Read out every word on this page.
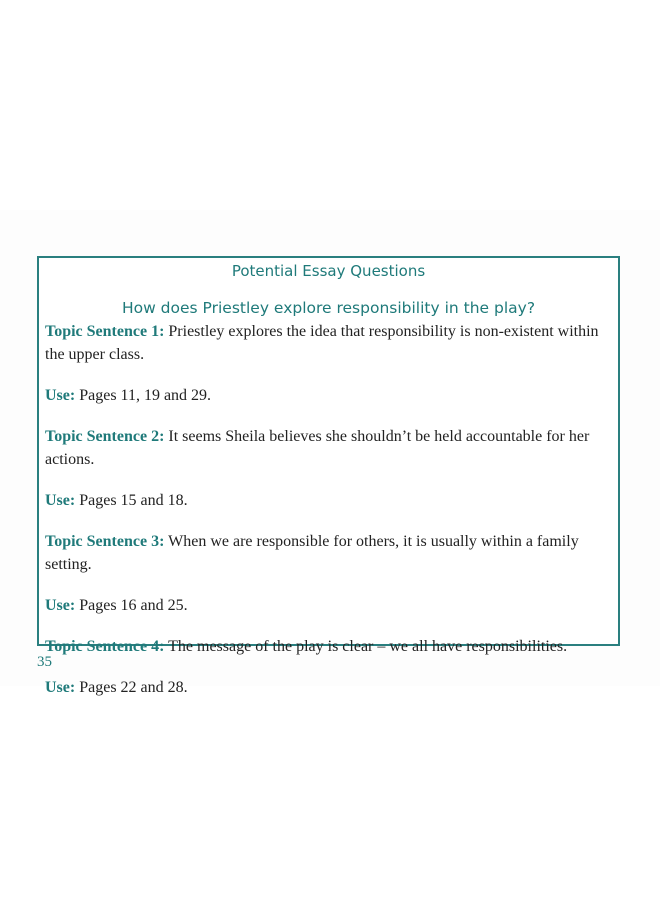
Potential Essay Questions
How does Priestley explore responsibility in the play?

Topic Sentence 1: Priestley explores the idea that responsibility is non-existent within the upper class.

Use: Pages 11, 19 and 29.

Topic Sentence 2: It seems Sheila believes she shouldn’t be held accountable for her actions.

Use: Pages 15 and 18.

Topic Sentence 3: When we are responsible for others, it is usually within a family setting.

Use: Pages 16 and 25.

Topic Sentence 4: The message of the play is clear – we all have responsibilities.

Use: Pages 22 and 28.

35
